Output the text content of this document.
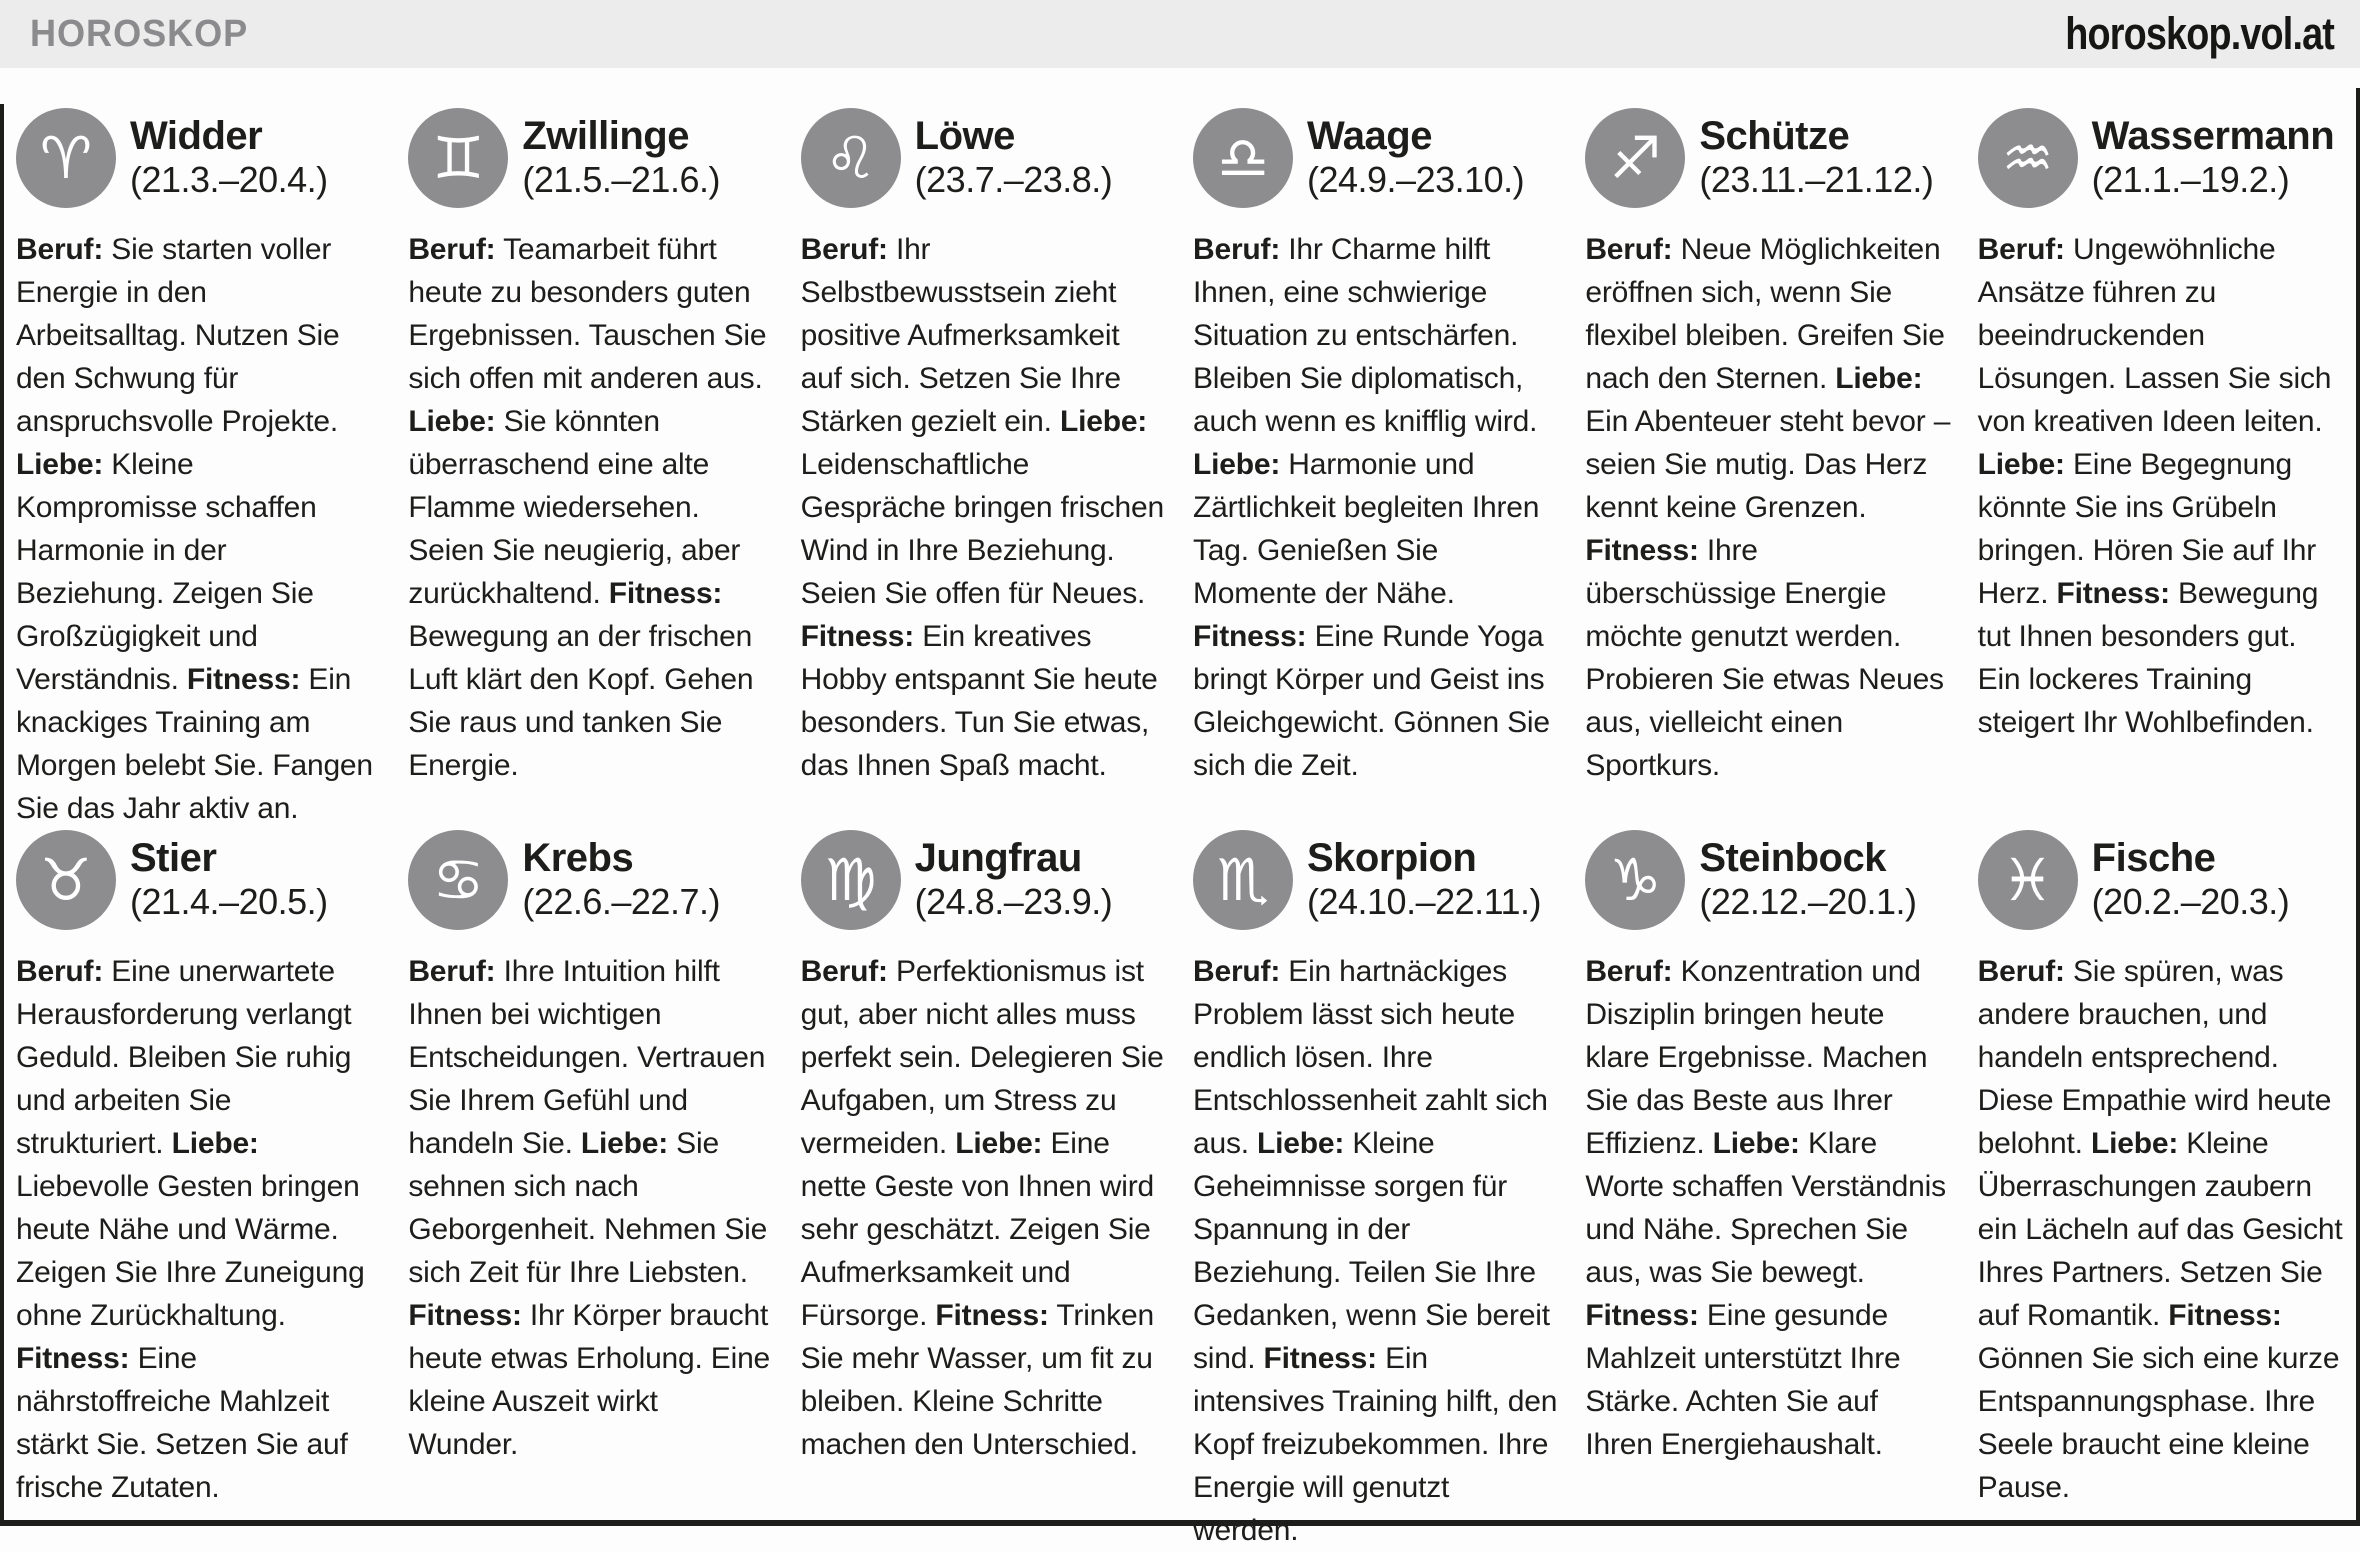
HOROSKOP	horoskop.vol.at
♈ Widder
(21.3.–20.4.)

Beruf: Sie starten voller Energie in den Arbeitsalltag. Nutzen Sie den Schwung für anspruchsvolle Projekte. Liebe: Kleine Kompromisse schaffen Harmonie in der Beziehung. Zeigen Sie Großzügigkeit und Verständnis. Fitness: Ein knackiges Training am Morgen belebt Sie. Fangen Sie das Jahr aktiv an.

♊ Zwillinge
(21.5.–21.6.)

Beruf: Teamarbeit führt heute zu besonders guten Ergebnissen. Tauschen Sie sich offen mit anderen aus. Liebe: Sie könnten überraschend eine alte Flamme wiedersehen. Seien Sie neugierig, aber zurückhaltend. Fitness: Bewegung an der frischen Luft klärt den Kopf. Gehen Sie raus und tanken Sie Energie.

♌ Löwe
(23.7.–23.8.)

Beruf: Ihr Selbstbewusstsein zieht positive Aufmerksamkeit auf sich. Setzen Sie Ihre Stärken gezielt ein. Liebe: Leidenschaftliche Gespräche bringen frischen Wind in Ihre Beziehung. Seien Sie offen für Neues. Fitness: Ein kreatives Hobby entspannt Sie heute besonders. Tun Sie etwas, das Ihnen Spaß macht.

♎ Waage
(24.9.–23.10.)

Beruf: Ihr Charme hilft Ihnen, eine schwierige Situation zu entschärfen. Bleiben Sie diplomatisch, auch wenn es knifflig wird. Liebe: Harmonie und Zärtlichkeit begleiten Ihren Tag. Genießen Sie Momente der Nähe. Fitness: Eine Runde Yoga bringt Körper und Geist ins Gleichgewicht. Gönnen Sie sich die Zeit.

♐ Schütze
(23.11.–21.12.)

Beruf: Neue Möglichkeiten eröffnen sich, wenn Sie flexibel bleiben. Greifen Sie nach den Sternen. Liebe: Ein Abenteuer steht bevor – seien Sie mutig. Das Herz kennt keine Grenzen. Fitness: Ihre überschüssige Energie möchte genutzt werden. Probieren Sie etwas Neues aus, vielleicht einen Sportkurs.

♒ Wassermann
(21.1.–19.2.)

Beruf: Ungewöhnliche Ansätze führen zu beeindruckenden Lösungen. Lassen Sie sich von kreativen Ideen leiten. Liebe: Eine Begegnung könnte Sie ins Grübeln bringen. Hören Sie auf Ihr Herz. Fitness: Bewegung tut Ihnen besonders gut. Ein lockeres Training steigert Ihr Wohlbefinden.

♉ Stier
(21.4.–20.5.)

Beruf: Eine unerwartete Herausforderung verlangt Geduld. Bleiben Sie ruhig und arbeiten Sie strukturiert. Liebe: Liebevolle Gesten bringen heute Nähe und Wärme. Zeigen Sie Ihre Zuneigung ohne Zurückhaltung. Fitness: Eine nährstoffreiche Mahlzeit stärkt Sie. Setzen Sie auf frische Zutaten.

♋ Krebs
(22.6.–22.7.)

Beruf: Ihre Intuition hilft Ihnen bei wichtigen Entscheidungen. Vertrauen Sie Ihrem Gefühl und handeln Sie. Liebe: Sie sehnen sich nach Geborgenheit. Nehmen Sie sich Zeit für Ihre Liebsten. Fitness: Ihr Körper braucht heute etwas Erholung. Eine kleine Auszeit wirkt Wunder.

♍ Jungfrau
(24.8.–23.9.)

Beruf: Perfektionismus ist gut, aber nicht alles muss perfekt sein. Delegieren Sie Aufgaben, um Stress zu vermeiden. Liebe: Eine nette Geste von Ihnen wird sehr geschätzt. Zeigen Sie Aufmerksamkeit und Fürsorge. Fitness: Trinken Sie mehr Wasser, um fit zu bleiben. Kleine Schritte machen den Unterschied.

♏ Skorpion
(24.10.–22.11.)

Beruf: Ein hartnäckiges Problem lässt sich heute endlich lösen. Ihre Entschlossenheit zahlt sich aus. Liebe: Kleine Geheimnisse sorgen für Spannung in der Beziehung. Teilen Sie Ihre Gedanken, wenn Sie bereit sind. Fitness: Ein intensives Training hilft, den Kopf freizubekommen. Ihre Energie will genutzt werden.

♑ Steinbock
(22.12.–20.1.)

Beruf: Konzentration und Disziplin bringen heute klare Ergebnisse. Machen Sie das Beste aus Ihrer Effizienz. Liebe: Klare Worte schaffen Verständnis und Nähe. Sprechen Sie aus, was Sie bewegt. Fitness: Eine gesunde Mahlzeit unterstützt Ihre Stärke. Achten Sie auf Ihren Energiehaushalt.

♓ Fische
(20.2.–20.3.)

Beruf: Sie spüren, was andere brauchen, und handeln entsprechend. Diese Empathie wird heute belohnt. Liebe: Kleine Überraschungen zaubern ein Lächeln auf das Gesicht Ihres Partners. Setzen Sie auf Romantik. Fitness: Gönnen Sie sich eine kurze Entspannungsphase. Ihre Seele braucht eine kleine Pause.
